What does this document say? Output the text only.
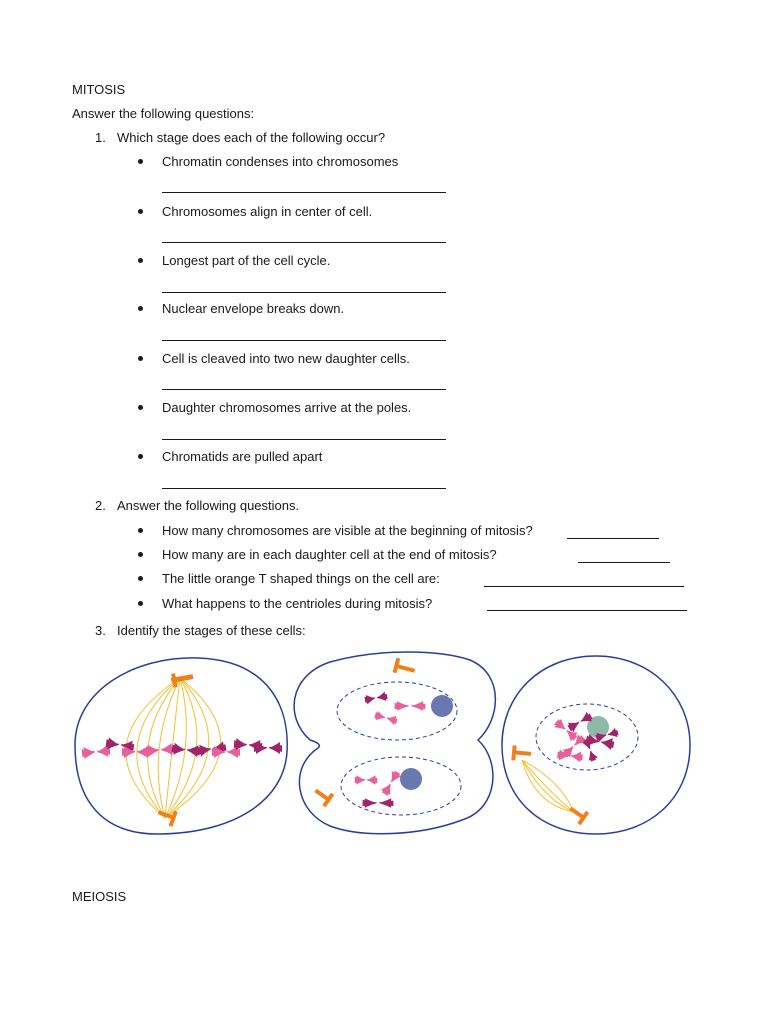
MITOSIS
Answer the following questions:
1. Which stage does each of the following occur?
Chromatin condenses into chromosomes
Chromosomes align in center of cell.
Longest part of the cell cycle.
Nuclear envelope breaks down.
Cell is cleaved into two new daughter cells.
Daughter chromosomes arrive at the poles.
Chromatids are pulled apart
2. Answer the following questions.
How many chromosomes are visible at the beginning of mitosis?
How many are in each daughter cell at the end of mitosis?
The little orange T shaped things on the cell are:
What happens to the centrioles during mitosis?
3. Identify the stages of these cells:
MEIOSIS
